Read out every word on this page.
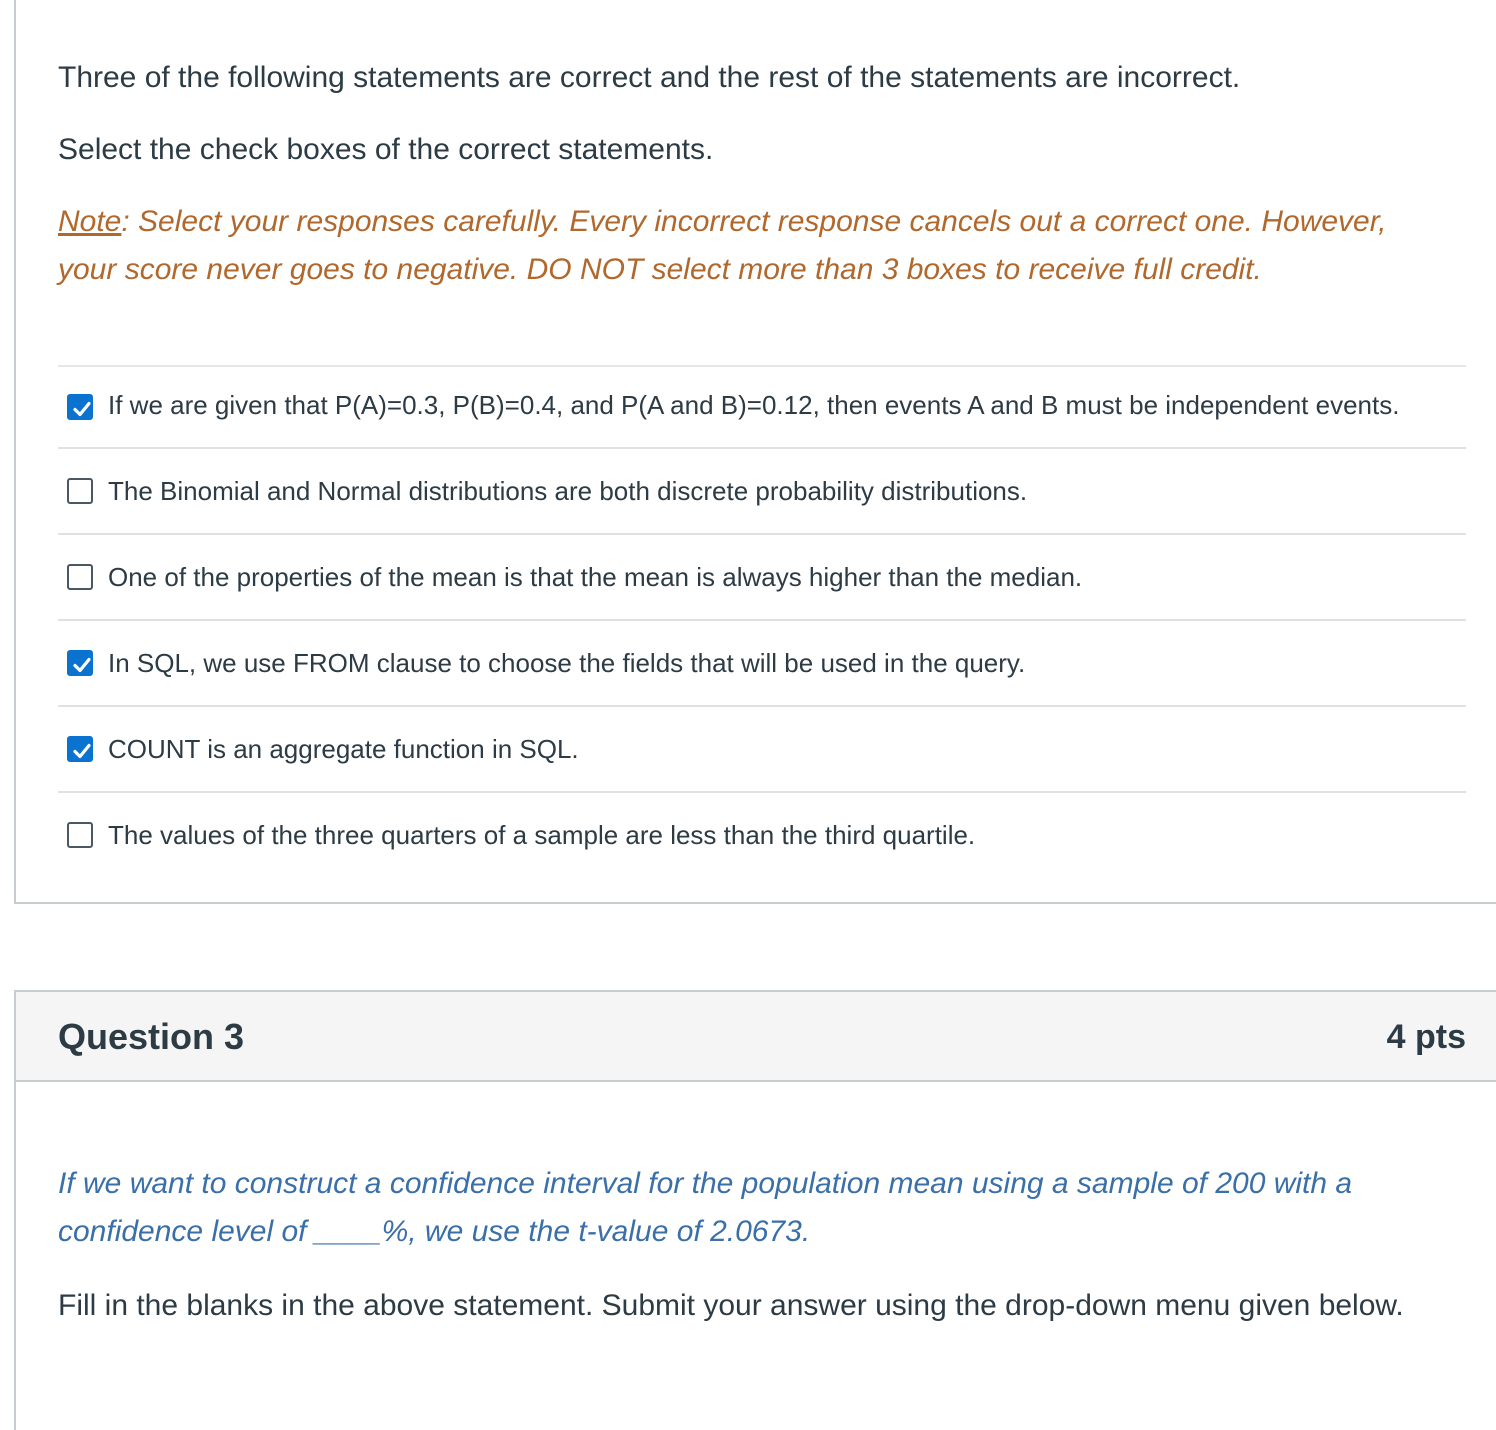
Three of the following statements are correct and the rest of the statements are incorrect.

Select the check boxes of the correct statements.

Note: Select your responses carefully. Every incorrect response cancels out a correct one. However, your score never goes to negative. DO NOT select more than 3 boxes to receive full credit.

If we are given that P(A)=0.3, P(B)=0.4, and P(A and B)=0.12, then events A and B must be independent events.
The Binomial and Normal distributions are both discrete probability distributions.
One of the properties of the mean is that the mean is always higher than the median.
In SQL, we use FROM clause to choose the fields that will be used in the query.
COUNT is an aggregate function in SQL.
The values of the three quarters of a sample are less than the third quartile.
Question 3	4 pts

If we want to construct a confidence interval for the population mean using a sample of 200 with a confidence level of ____%, we use the t-value of 2.0673.

Fill in the blanks in the above statement. Submit your answer using the drop-down menu given below.
